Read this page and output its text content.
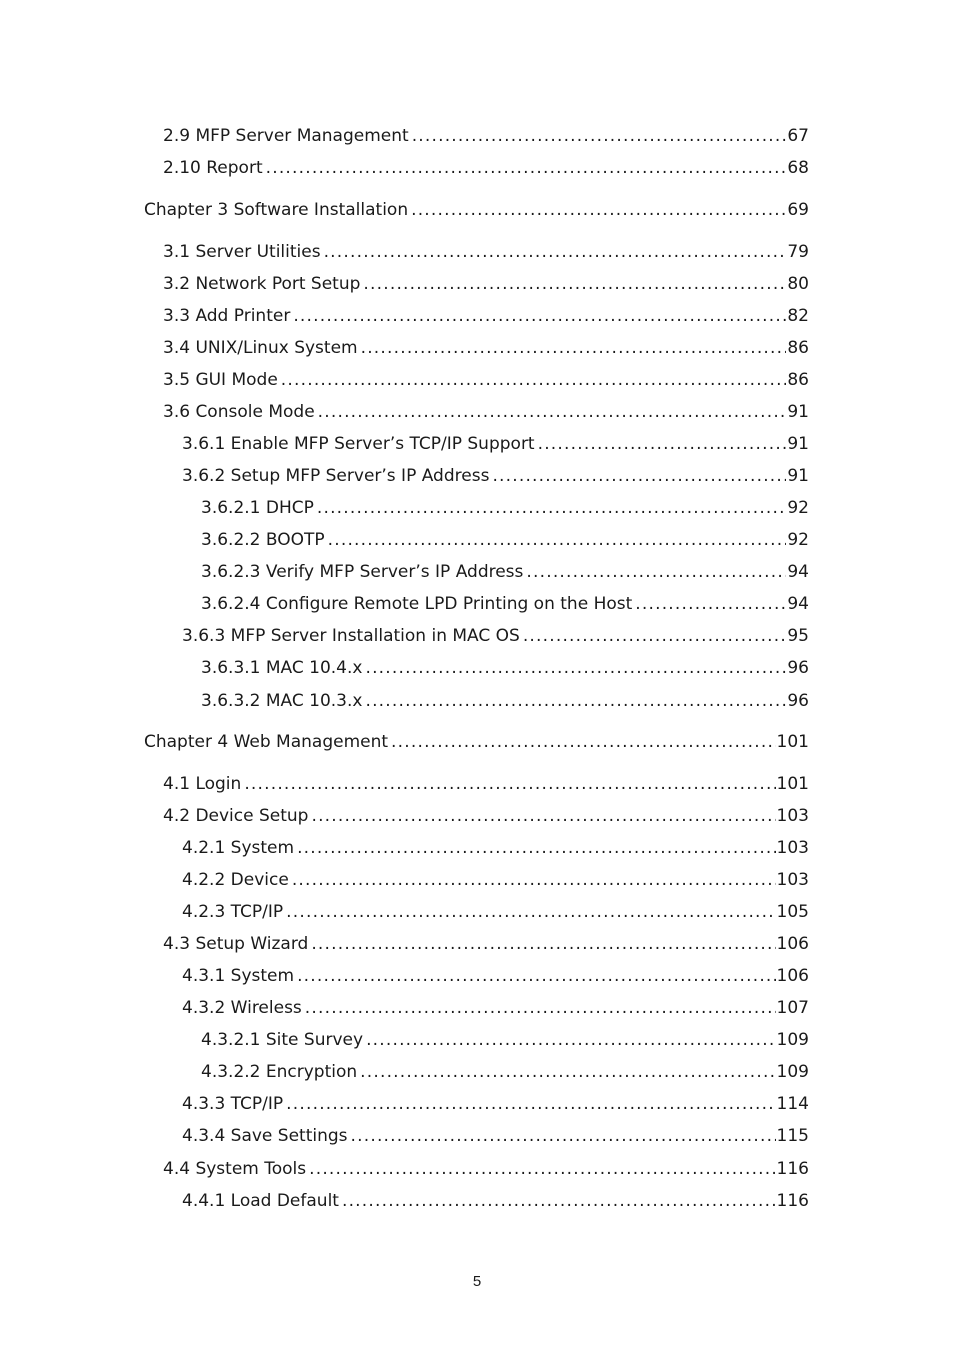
2.9 MFP Server Management .....	67
2.10 Report .....	68
Chapter 3 Software Installation .....	69
3.1 Server Utilities .....	79
3.2 Network Port Setup .....	80
3.3 Add Printer .....	82
3.4 UNIX/Linux System .....	86
3.5 GUI Mode .....	86
3.6 Console Mode .....	91
3.6.1 Enable MFP Server’s TCP/IP Support .....	91
3.6.2 Setup MFP Server’s IP Address .....	91
3.6.2.1 DHCP .....	92
3.6.2.2 BOOTP .....	92
3.6.2.3 Verify MFP Server’s IP Address .....	94
3.6.2.4 Configure Remote LPD Printing on the Host .....	94
3.6.3 MFP Server Installation in MAC OS .....	95
3.6.3.1 MAC 10.4.x .....	96
3.6.3.2 MAC 10.3.x .....	96
Chapter 4 Web Management .....	101
4.1 Login .....	101
4.2 Device Setup .....	103
4.2.1 System .....	103
4.2.2 Device .....	103
4.2.3 TCP/IP .....	105
4.3 Setup Wizard .....	106
4.3.1 System .....	106
4.3.2 Wireless .....	107
4.3.2.1 Site Survey .....	109
4.3.2.2 Encryption .....	109
4.3.3 TCP/IP .....	114
4.3.4 Save Settings .....	115
4.4 System Tools .....	116
4.4.1 Load Default .....	116
5
